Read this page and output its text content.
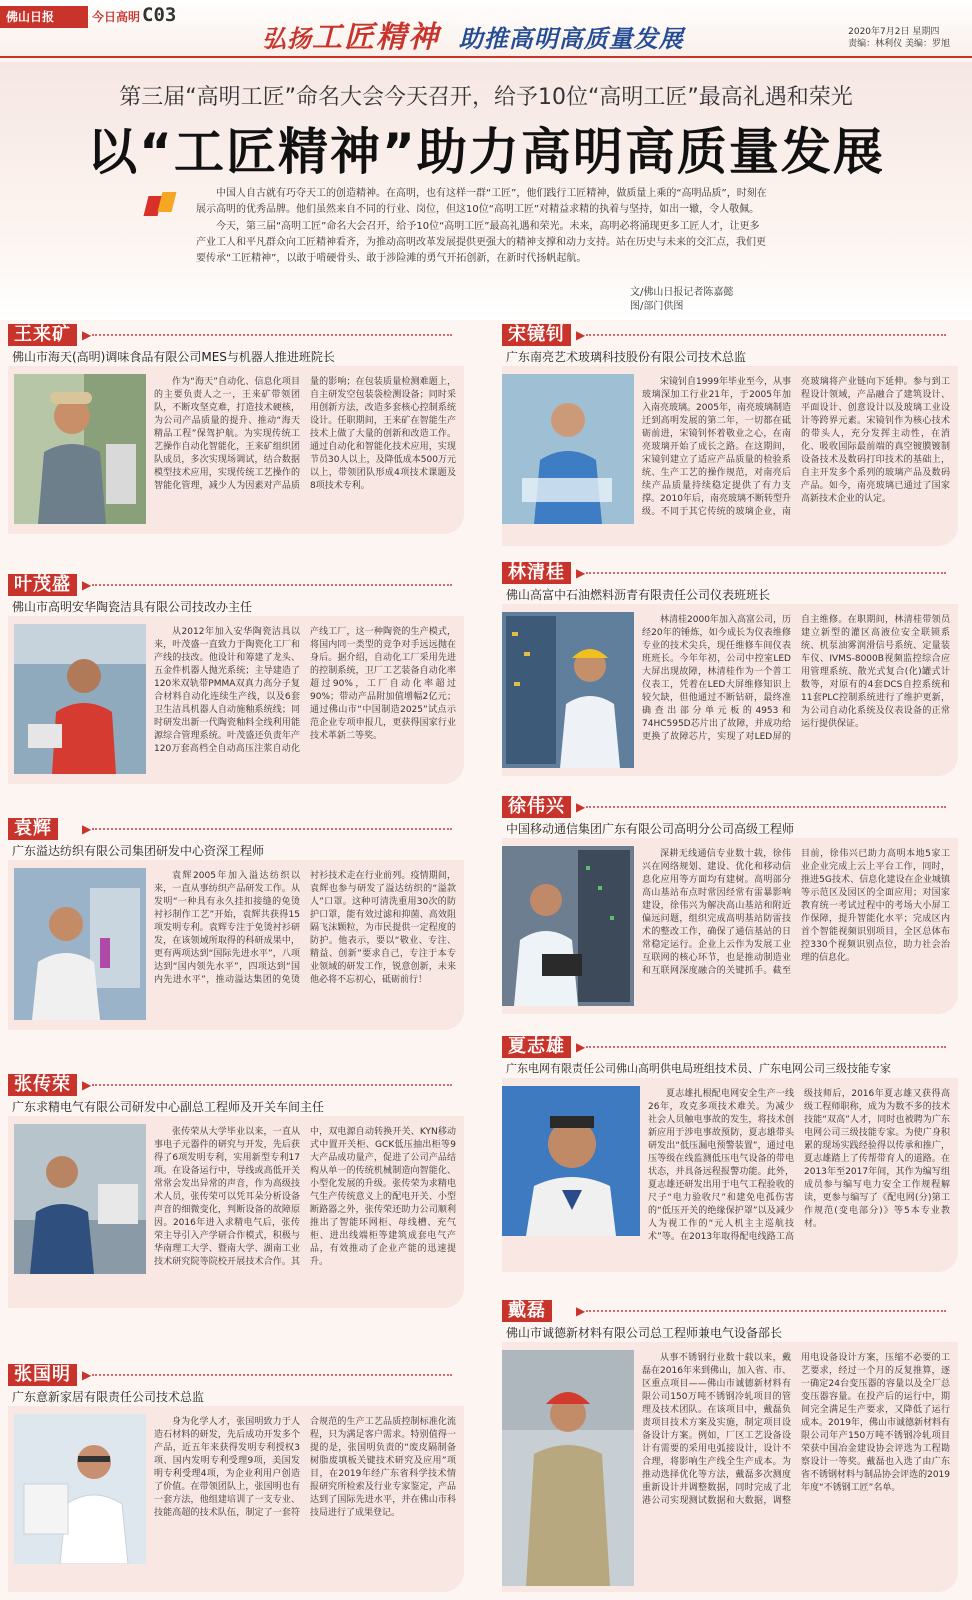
佛山日报	今日高明 C03
弘扬工匠精神 助推高明高质量发展	2020年7月2日 星期四
责编：林利仪 美编：罗旭
第三届“高明工匠”命名大会今天召开，给予10位“高明工匠”最高礼遇和荣光
以“工匠精神”助力高明高质量发展

中国人自古就有巧夺天工的创造精神。在高明，也有这样一群“工匠”，他们践行工匠精神，做质量上乘的“高明品质”，时刻在展示高明的优秀品牌。他们虽然来自不同的行业、岗位，但这10位“高明工匠”对精益求精的执着与坚持，如出一辙，令人敬佩。

今天，第三届“高明工匠”命名大会召开，给予10位“高明工匠”最高礼遇和荣光。未来，高明必将涌现更多工匠人才，让更多产业工人和平凡群众向工匠精神看齐，为推动高明改革发展提供更强大的精神支撑和动力支持。站在历史与未来的交汇点，我们更要传承“工匠精神”，以敢于啃硬骨头、敢于涉险滩的勇气开拓创新，在新时代扬帆起航。

文/佛山日报记者陈嘉懿
图/部门供图
王来矿 ▶
佛山市海天(高明)调味食品有限公司MES与机器人推进班院长

作为“海天”自动化、信息化项目的主要负责人之一，王来矿带领团队，不断攻坚克难，打造技术硬核，为公司产品质量的提升、推动“海天精品工程”保驾护航。为实现传统工艺操作自动化智能化，王来矿组织团队成员，多次实现场调试，结合数据模型技术应用，实现传统工艺操作的智能化管理，减少人为因素对产品质量的影响；在包装质量检测难题上，自主研发空包装袋检测设备；同时采用创新方法，改造多套核心控制系统设计。任职期间，王来矿在智能生产技术上做了大量的创新和改造工作。通过自动化和智能化技术应用，实现节员30人以上，及降低成本500万元以上，带领团队形成4项技术课题及8项技术专利。

叶茂盛 ▶
佛山市高明安华陶瓷洁具有限公司技改办主任

从2012年加入安华陶瓷洁具以来，叶茂盛一直致力于陶瓷化工厂和产线的技改。他设计和筹建了龙头、五金件机器人抛光系统；主导建造了120米双轨带PMMA双真力高分子复合材料自动化连续生产线，以及6套卫生洁具机器人自动施釉系统线；同时研发出新一代陶瓷釉料全线利用能源综合管理系统。叶茂盛还负责年产120万套高档全自动高压注浆自动化产线工厂，这一种陶瓷的生产模式，将国内同一类型的竞争对手远远抛在身后。据介绍，自动化工厂采用先进的控制系统，卫厂工艺装备自动化率超过90%，工厂自动化率超过90%；带动产品附加值增幅2亿元；通过佛山市“中国制造2025”试点示范企业专项申报几，更获得国家行业技术革新二等奖。

袁辉	▶
广东溢达纺织有限公司集团研发中心资深工程师

袁辉2005年加入溢达纺织以来，一直从事纺织产品研发工作。从发明“一种具有永久挂扣接缝的免烫衬衫制作工艺”开始，袁辉共获得15项发明专利。袁辉专注于免烫衬衫研发，在该领域所取得的科研成果中，更有两项达到“国际先进水平”，八项达到“国内领先水平”，四项达到“国内先进水平”，推动溢达集团的免烫衬衫技术走在行业前列。疫情期间，袁辉也参与研发了溢达纺织的“溢款人”口罩。这种可清洗重用30次的防护口罩，能有效过滤和抑菌、高效阻隔飞沫颗粒，为市民提供一定程度的防护。他表示，要以“敬业、专注、精益、创新”要求自己，专注于本专业领域的研发工作，锐意创新，未来他必将不忘初心，砥砺前行！

张传荣 ▶
广东求精电气有限公司研发中心副总工程师及开关车间主任

张传荣从大学毕业以来，一直从事电子元器件的研究与开发，先后获得了6项发明专利，实用新型专利17项。在设备运行中，导线或高低开关常常会发出异常的声音，作为高级技术人员，张传荣可以凭耳朵分析设备声音的细微变化，判断设备的故障原因。2016年进入求精电气后，张传荣主导引入产学研合作模式，积极与华南理工大学、暨南大学、湖南工业技术研究院等院校开展技术合作。其中，双电源自动转换开关、KYN移动式中置开关柜、GCK低压抽出柜等9大产品成功量产，促进了公司产品结构从单一的传统机械制造向智能化、小型化发展的升级。张传荣为求精电气生产传统意义上的配电开关、小型断路器之外，张传荣还助力公司顺利推出了智能环网柜、母线槽、充气柜、进出线端柜等建筑成套电气产品，有效推动了企业产能的迅速提升。

张国明 ▶
广东意新家居有限责任公司技术总监

身为化学人才，张国明致力于人造石材料的研发，先后成功开发多个产品，近五年来获得发明专利授权3项、国内发明专利受理9项，美国发明专利受理4项，为企业利用户创造了价值。在带领团队上，张国明也有一套方法，他组建培训了一支专业、技能高超的技术队伍，制定了一套符合规范的生产工艺品质控制标准化流程，只为满足客户需求。特别值得一提的是，张国明负责的“废皮隔制备树脂废填板关键技术研究及应用”项目，在2019年经广东省科学技术情报研究所检索及行业专家鉴定，产品达到了国际先进水平，并在佛山市科技局进行了成果登记。

宋镜钊 ▶
广东南亮艺术玻璃科技股份有限公司技术总监

宋镜钊自1999年毕业至今，从事玻璃深加工行业21年，于2005年加入南亮玻璃。2005年，南亮玻璃制造迁到高明发展的第二年，一切都在砥砺前进，宋镜钊怀着敬业之心，在南亮玻璃开始了成长之路。在这期间，宋镜钊建立了适应产品质量的检验系统、生产工艺的操作规范，对南亮后续产品质量持续稳定提供了有力支撑。2010年后，南亮玻璃不断转型升级。不同于其它传统的玻璃企业，南亮玻璃将产业链向下延伸。参与到工程设计领域，产品融合了建筑设计、平面设计、创意设计以及玻璃工业设计等跨界元素。宋镜钊作为核心技术的带头人，充分发挥主动性，在消化、吸收国际最前端的真空镀膜镀制设备技术及数码打印技术的基础上，自主开发多个系列的玻璃产品及数码产品。如今，南亮玻璃已通过了国家高新技术企业的认定。

林清桂 ▶
佛山高富中石油燃料沥青有限责任公司仪表班班长

林清桂2000年加入高富公司，历经20年的锤炼，如今成长为仪表维修专业的技术尖兵，现任维修车间仪表班班长。今年年初，公司中控室LED大屏出现故障，林清桂作为一个普工仪表工，凭着在LED大屏维修知识上较欠缺，但他通过不断钻研，最终准确查出部分单元板的4953和74HC595D芯片出了故障，并成功给更换了故障芯片，实现了对LED屏的自主维修。在职期间，林清桂带领员建立新型的灌区高液位安全联锁系统、机泵油雾润滑信号系统、定量装车仪、IVMS-8000B视频监控综合应用管理系统、散光式复合(化)罐式计数等，对原有的4套DCS自控系统和11套PLC控制系统进行了维护更新，为公司自动化系统及仪表设备的正常运行提供保证。

徐伟兴 ▶
中国移动通信集团广东有限公司高明分公司高级工程师

深耕无线通信专业数十载，徐伟兴在网络规划、建设、优化和移动信息化应用等方面均有建树。高明部分高山基站布点时常因经常有雷暴影响建设，徐伟兴为解决高山基站和附近偏远问题，组织完成高明基站防雷技术的整改工作，确保了通信基站的日常稳定运行。企业上云作为发展工业互联网的核心环节，也是推动制造业和互联网深度融合的关键抓手。截至目前，徐伟兴已助力高明本地5家工业企业完成上云上平台工作，同时，推进5G技术、信息化建设在企业城镇等示范区及园区的全面应用；对国家教育统一考试过程中的考场大小屏工作保障，提升智能化水平；完成区内首个智能视频识别项目，全区总体布控330个视频识别点位，助力社会治理的信息化。

夏志雄 ▶
广东电网有限责任公司佛山高明供电局班组技术员、广东电网公司三级技能专家

夏志雄扎根配电网安全生产一线26年，攻克多项技术难关。为减少社会人员触电事故的发生，将技术创新应用于涉电事故预防，夏志雄带头研发出“低压漏电预警装置”，通过电压等级在线监测低压电气设备的带电状态，并具备远程报警功能。此外，夏志雄还研发出用于电气工程验收的尺子“电力验收尺”和建免电孤伤害的“低压开关的绝缘保护罩”以及减少人为视工作的“元人机主主巡航技术”等。在2013年取得配电线路工高级技师后，2016年夏志雄又获得高级工程师职称，成为为数不多的技术技能“双高”人才，同时也被聘为广东电网公司三级技能专家。为使广身积累的现场实践经验得以传承和推广，夏志雄踏上了传帮带育人的道路。在2013年至2017年间，其作为编写组成员参与编写电力安全工作规程解读，更参与编写了《配电网(分)第工作规范(变电部分)》等5本专业教材。

戴磊	▶
佛山市诚德新材料有限公司总工程师兼电气设备部长

从事不锈钢行业数十载以来，戴磊在2016年来到佛山，加入省、市、区重点项目——佛山市诚德新材料有限公司150万吨不锈钢冷轧项目的管理及技术团队。在该项目中，戴磊负责项目技术方案及实施，制定项目设备设计方案。例如，厂区工艺设备设计有需要的采用电弧接设计，设计不合理，将影响生产线全生产成本。为推动选择优化等方法，戴磊多次测度重新设计并调整数据，同时完成了北港公司实现测试数据和大数据，调整用电设备设计方案，压缩不必要的工艺要求，经过一个月的反复推算，逐一确定24台变压器的容量以及全厂总变压器容量。在投产后的运行中，期间完全满足生产要求，又降低了运行成本。2019年，佛山市诚德新材料有限公司年产150万吨不锈钢冷轧项目荣获中国冶金建设协会评选为工程勘察设计一等奖。戴磊也入选了由广东省不锈钢材料与制品协会评选的2019年度“不锈钢工匠”名单。
